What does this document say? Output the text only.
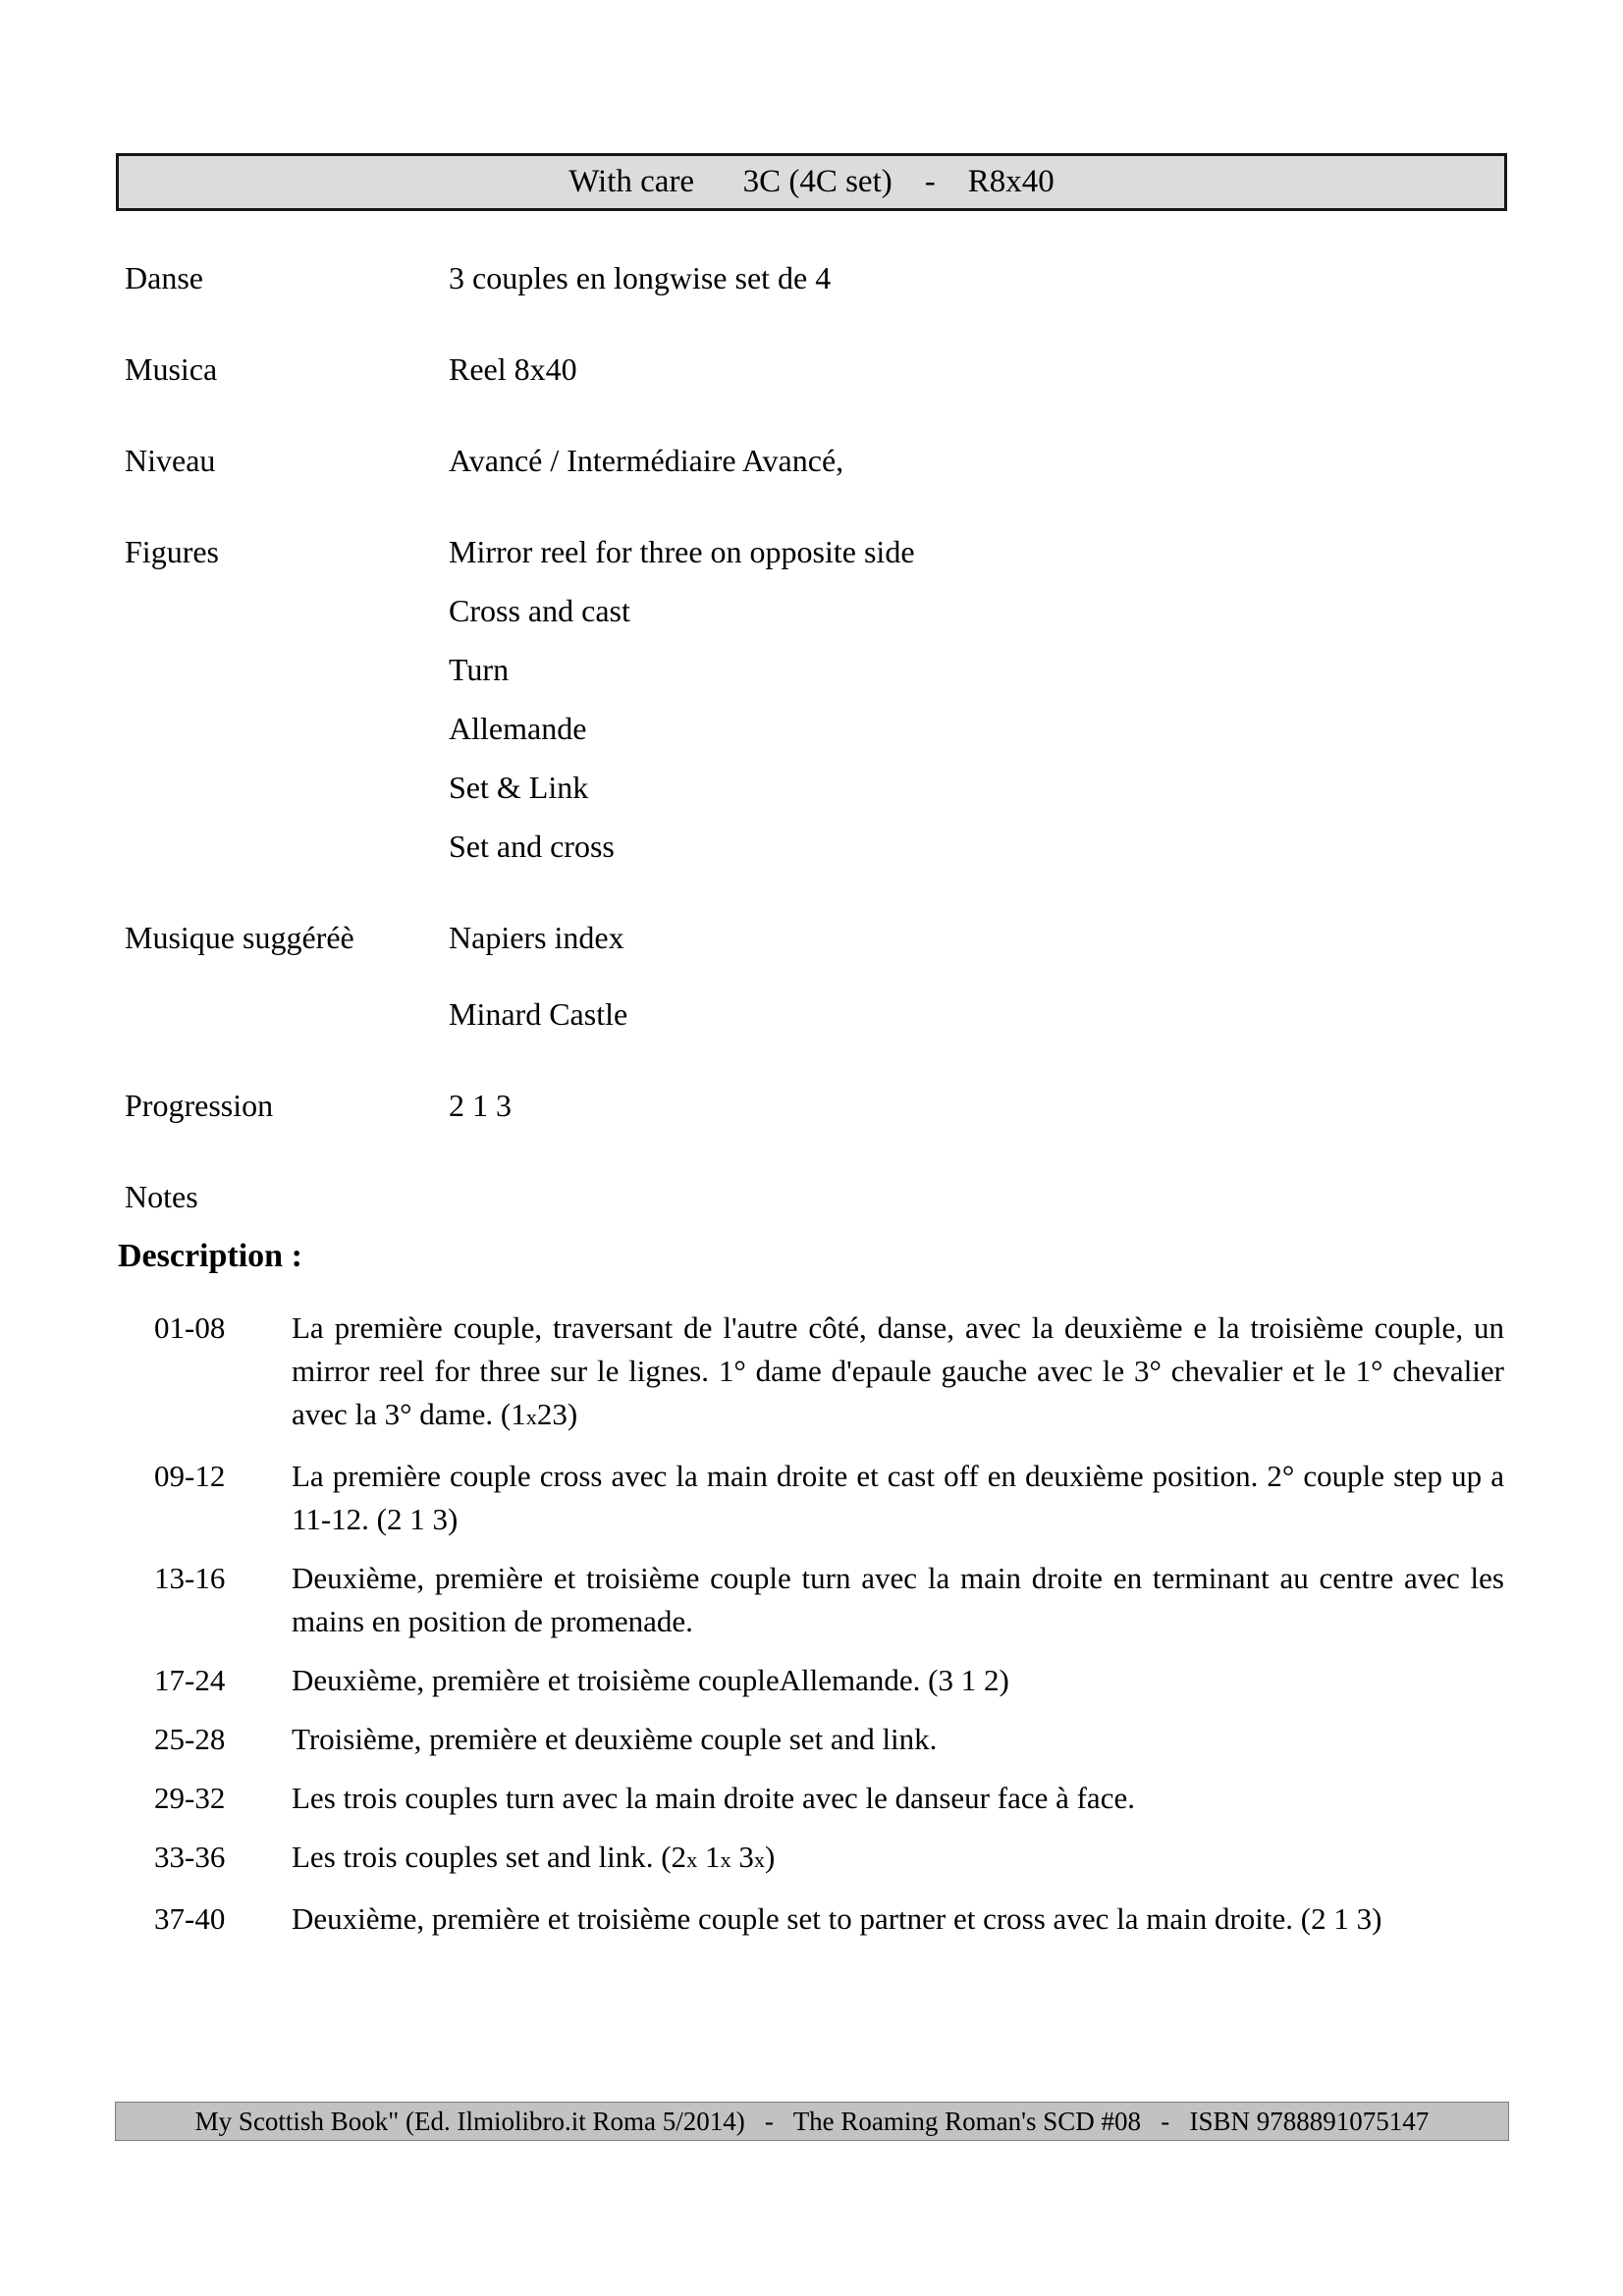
With care      3C (4C set)    -    R8x40
Danse	3 couples en longwise set de 4
Musica	Reel 8x40
Niveau	Avancé / Intermédiaire Avancé,
Figures	Mirror reel for three on opposite side
Cross and cast
Turn
Allemande
Set & Link
Set and cross
Musique suggéréè	Napiers index
Minard Castle
Progression	2 1 3
Notes
Description :
01-08	La première couple, traversant de l'autre côté, danse, avec la deuxième e la troisième couple, un mirror reel for three sur le lignes. 1° dame d'epaule gauche avec le 3° chevalier et le 1° chevalier avec la 3° dame. (1x23)
09-12	La première couple cross avec la main droite et cast off en deuxième position. 2° couple step up a 11-12. (2 1 3)
13-16	Deuxième, première et troisième couple turn avec la main droite en terminant au centre avec les mains en position de promenade.
17-24	Deuxième, première et troisième coupleAllemande. (3 1 2)
25-28	Troisième, première et deuxième couple set and link.
29-32	Les trois couples turn avec la main droite avec le danseur face à face.
33-36	Les trois couples set and link. (2x 1x 3x)
37-40	Deuxième, première et troisième couple set to partner et cross avec la main droite. (2 1 3)
My Scottish Book" (Ed. Ilmiolibro.it Roma 5/2014)   -   The Roaming Roman's SCD #08   -   ISBN 9788891075147
